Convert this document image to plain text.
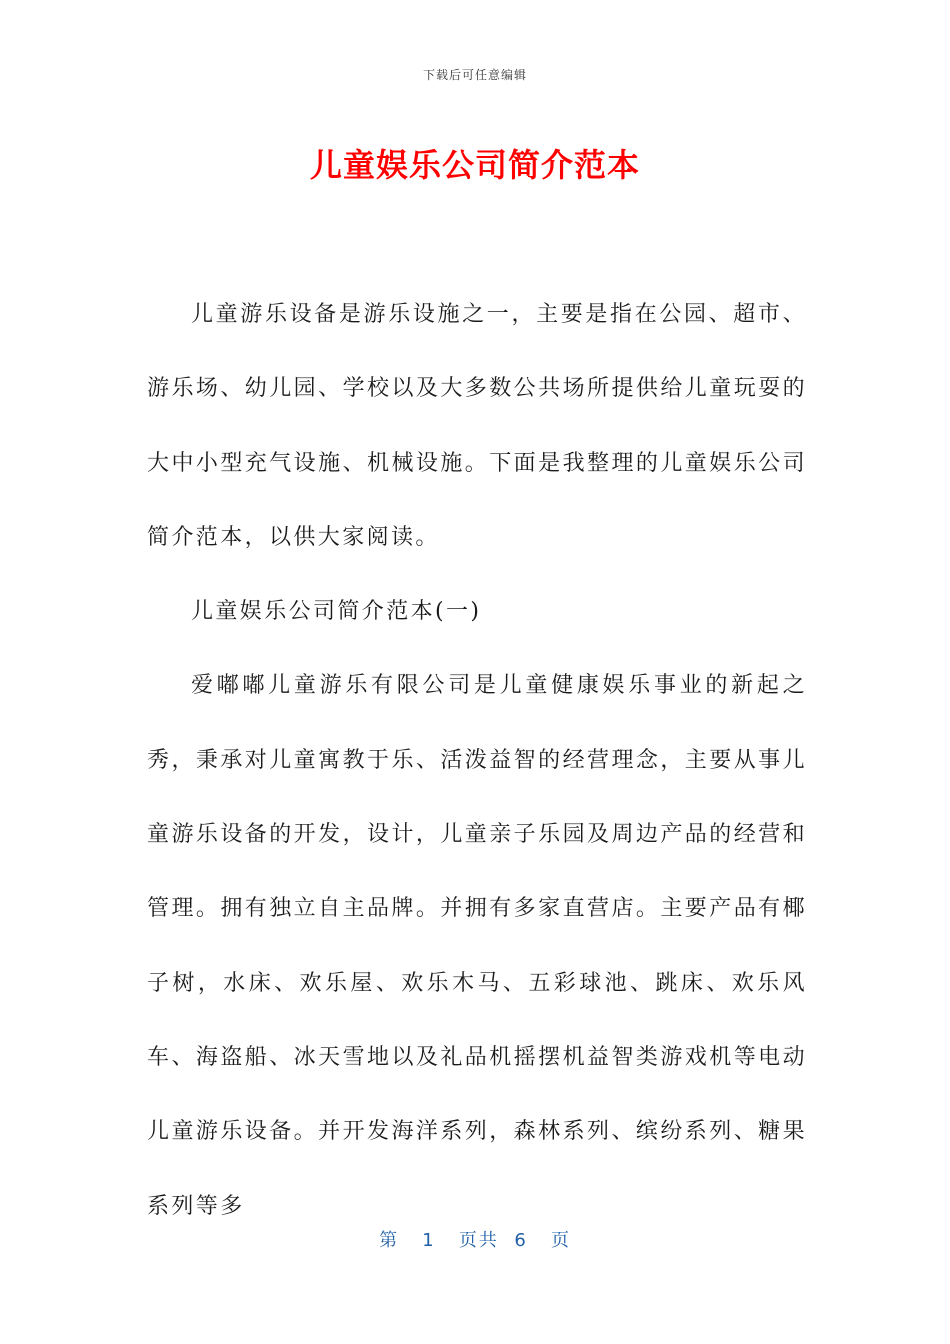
下载后可任意编辑
儿童娱乐公司简介范本

儿童游乐设备是游乐设施之一，主要是指在公园、超市、游乐场、幼儿园、学校以及大多数公共场所提供给儿童玩耍的大中小型充气设施、机械设施。下面是我整理的儿童娱乐公司简介范本，以供大家阅读。

儿童娱乐公司简介范本(一)

爱嘟嘟儿童游乐有限公司是儿童健康娱乐事业的新起之秀，秉承对儿童寓教于乐、活泼益智的经营理念，主要从事儿童游乐设备的开发，设计，儿童亲子乐园及周边产品的经营和管理。拥有独立自主品牌。并拥有多家直营店。主要产品有椰子树，水床、欢乐屋、欢乐木马、五彩球池、跳床、欢乐风车、海盗船、冰天雪地以及礼品机摇摆机益智类游戏机等电动儿童游乐设备。并开发海洋系列，森林系列、缤纷系列、糖果系列等多

第 1 页共 6 页
